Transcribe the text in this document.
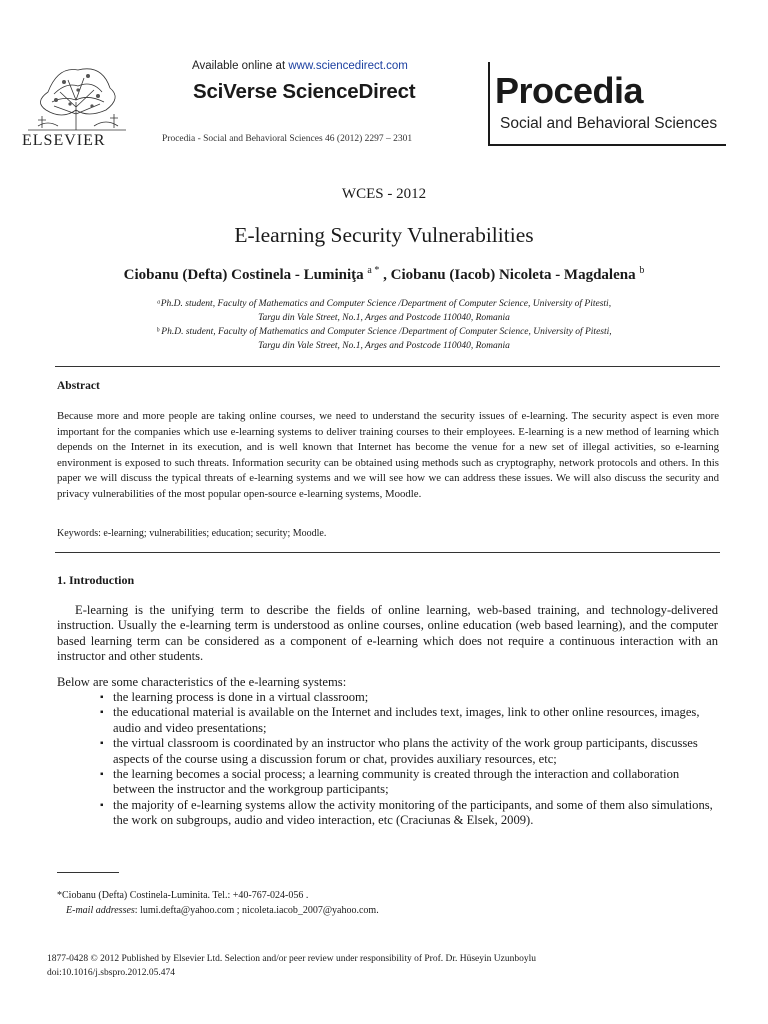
ELSEVIER
Available online at www.sciencedirect.com
SciVerse ScienceDirect
Procedia - Social and Behavioral Sciences 46 (2012) 2297 – 2301
Procedia
Social and Behavioral Sciences
WCES - 2012
E-learning Security Vulnerabilities
Ciobanu (Defta) Costinela - Luminiţa $^{a *}$ , Ciobanu (Iacob) Nicoleta - Magdalena $^b$
ᵃPh.D. student, Faculty of Mathematics and Computer Science /Department of Computer Science, University of Pitesti,
Targu din Vale Street, No.1, Arges and Postcode 110040, Romania
ᵇ Ph.D. student, Faculty of Mathematics and Computer Science /Department of Computer Science, University of Pitesti,
Targu din Vale Street, No.1, Arges and Postcode 110040, Romania
Abstract
Because more and more people are taking online courses, we need to understand the security issues of e-learning. The security aspect is even more important for the companies which use e-learning systems to deliver training courses to their employees. E-learning is a new method of learning which depends on the Internet in its execution, and is well known that Internet has become the venue for a new set of illegal activities, so e-learning environment is exposed to such threats. Information security can be obtained using methods such as cryptography, network protocols and others. In this paper we will discuss the typical threats of e-learning systems and we will see how we can address these issues. We will also discuss the security and privacy vulnerabilities of the most popular open-source e-learning systems, Moodle.
Keywords: e-learning; vulnerabilities; education; security; Moodle.
1. Introduction
E-learning is the unifying term to describe the fields of online learning, web-based training, and technology-delivered instruction. Usually the e-learning term is understood as online courses, online education (web based learning), and the computer based learning term can be considered as a component of e-learning which does not require a continuous interaction with an instructor and other students.
Below are some characteristics of the e-learning systems:
▪ the learning process is done in a virtual classroom;
▪ the educational material is available on the Internet and includes text, images, link to other online resources, images, audio and video presentations;
▪ the virtual classroom is coordinated by an instructor who plans the activity of the work group participants, discusses aspects of the course using a discussion forum or chat, provides auxiliary resources, etc;
▪ the learning becomes a social process; a learning community is created through the interaction and collaboration between the instructor and the workgroup participants;
▪ the majority of e-learning systems allow the activity monitoring of the participants, and some of them also simulations, the work on subgroups, audio and video interaction, etc (Craciunas & Elsek, 2009).
*Ciobanu (Defta) Costinela-Luminita. Tel.: +40-767-024-056 .
E-mail addresses: lumi.defta@yahoo.com ; nicoleta.iacob_2007@yahoo.com.
1877-0428 © 2012 Published by Elsevier Ltd. Selection and/or peer review under responsibility of Prof. Dr. Hüseyin Uzunboylu
doi:10.1016/j.sbspro.2012.05.474
